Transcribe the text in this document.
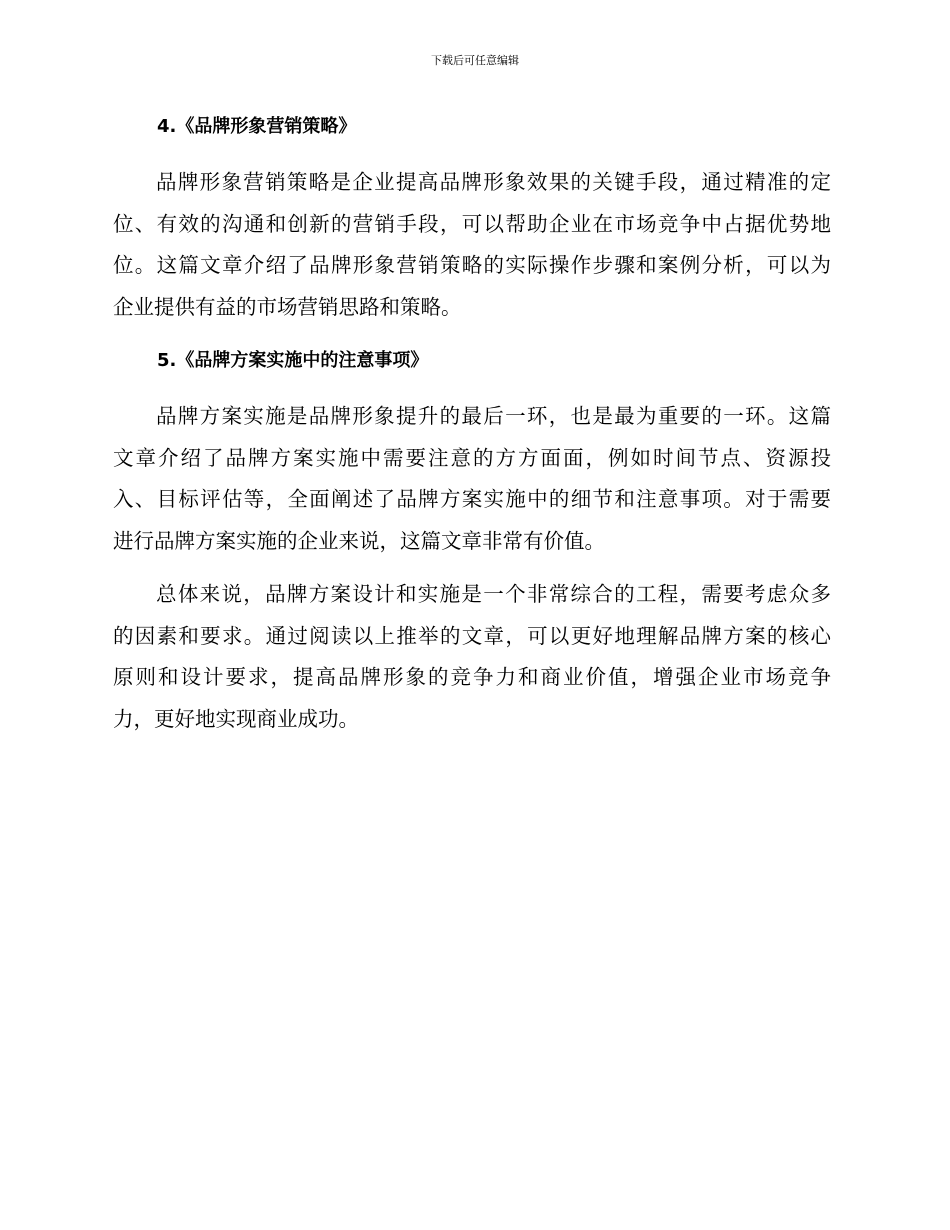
下载后可任意编辑
4.《品牌形象营销策略》

品牌形象营销策略是企业提高品牌形象效果的关键手段，通过精准的定
位、有效的沟通和创新的营销手段，可以帮助企业在市场竞争中占据优势地
位。这篇文章介绍了品牌形象营销策略的实际操作步骤和案例分析，可以为
企业提供有益的市场营销思路和策略。

5.《品牌方案实施中的注意事项》

品牌方案实施是品牌形象提升的最后一环，也是最为重要的一环。这篇
文章介绍了品牌方案实施中需要注意的方方面面，例如时间节点、资源投
入、目标评估等，全面阐述了品牌方案实施中的细节和注意事项。对于需要
进行品牌方案实施的企业来说，这篇文章非常有价值。

总体来说，品牌方案设计和实施是一个非常综合的工程，需要考虑众多
的因素和要求。通过阅读以上推举的文章，可以更好地理解品牌方案的核心
原则和设计要求，提高品牌形象的竞争力和商业价值，增强企业市场竞争
力，更好地实现商业成功。
